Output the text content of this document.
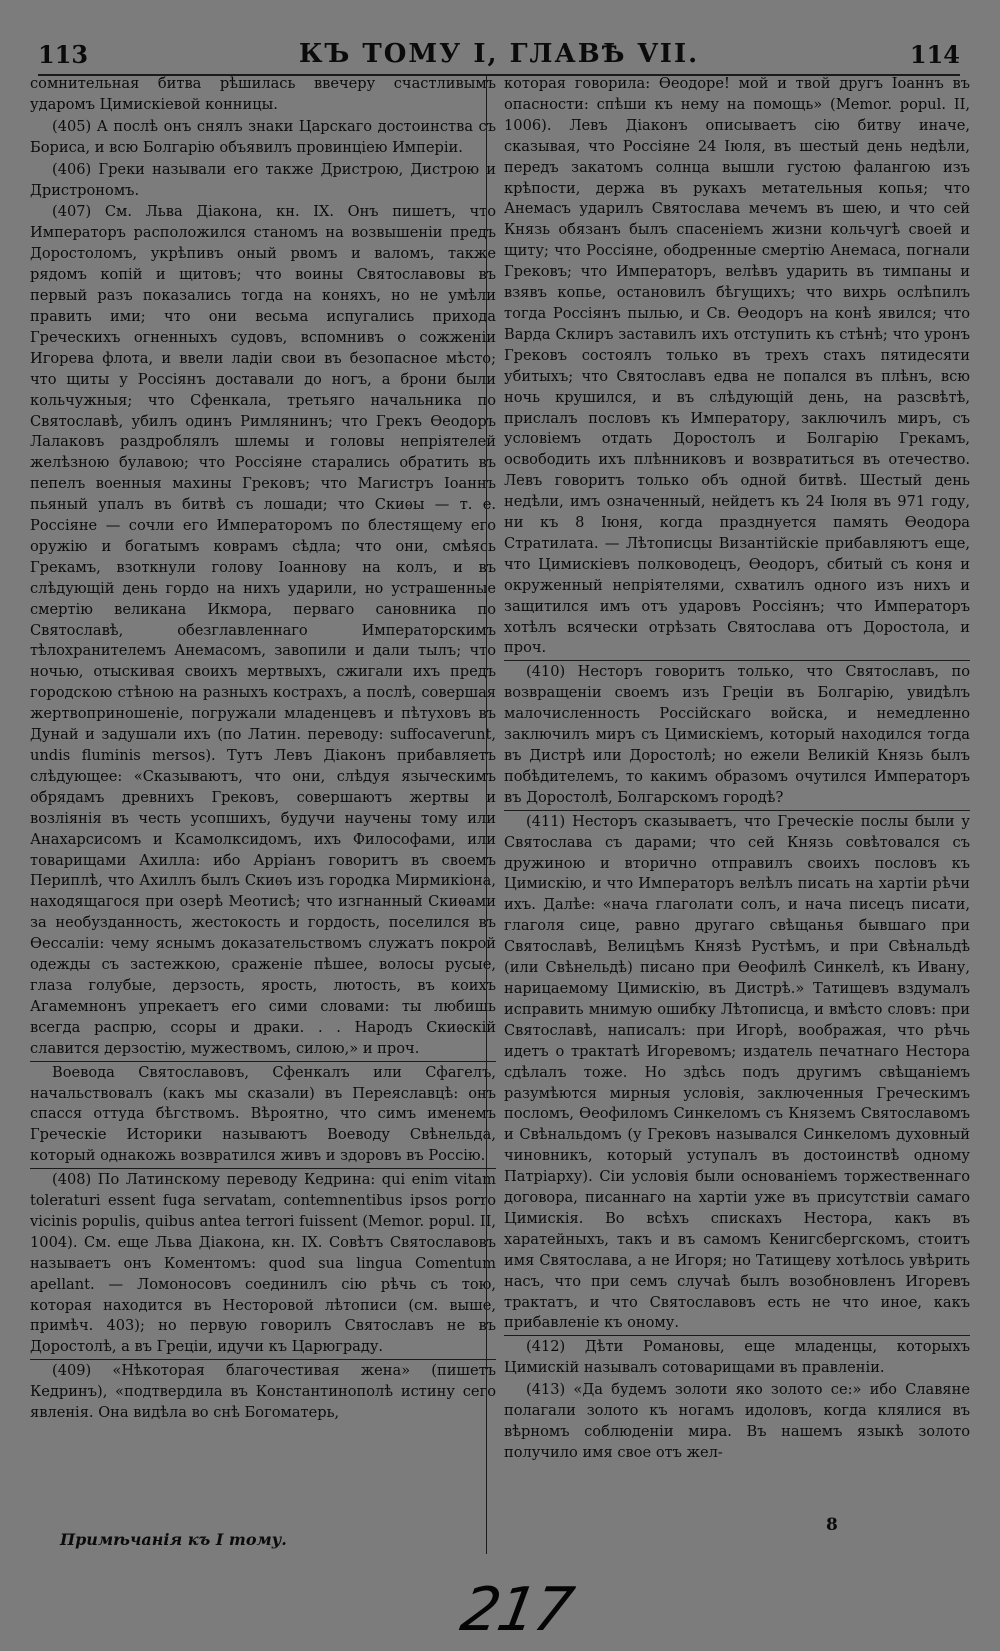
113	КЪ ТОМУ I, ГЛАВѢ VII.	114

сомнительная битва рѣшилась ввечеру счастливымъ ударомъ Цимискіевой конницы.

(405) А послѣ онъ снялъ знаки Царскаго достоинства съ Бориса, и всю Болгарію объявилъ провинціею Имперіи.

(406) Греки называли его также Дристрою, Дистрою и Дристрономъ.

(407) См. Льва Діакона, кн. IX. Онъ пишетъ, что Императоръ расположился станомъ на возвышеніи предъ Доростоломъ, укрѣпивъ оный рвомъ и валомъ, также рядомъ копій и щитовъ; что воины Святославовы въ первый разъ показались тогда на коняхъ, но не умѣли править ими; что они весьма испугались прихода Греческихъ огненныхъ судовъ, вспомнивъ о сожженіи Игорева флота, и ввели ладіи свои въ безопасное мѣсто; что щиты у Россіянъ доставали до ногъ, а брони были кольчужныя; что Сфенкала, третьяго начальника по Святославѣ, убилъ одинъ Римлянинъ; что Грекъ Ѳеодоръ Лалаковъ раздроблялъ шлемы и головы непріятелей желѣзною булавою; что Россіяне старались обратить въ пепелъ военныя махины Грековъ; что Магистръ Іоаннъ пьяный упалъ въ битвѣ съ лошади; что Скиѳы — т. е. Россіяне — сочли его Императоромъ по блестящему его оружію и богатымъ коврамъ сѣдла; что они, смѣясь Грекамъ, взоткнули голову Іоаннову на колъ, и въ слѣдующій день гордо на нихъ ударили, но устрашенные смертію великана Икмора, перваго сановника по Святославѣ, обезглавленнаго Императорскимъ тѣлохранителемъ Анемасомъ, завопили и дали тылъ; что ночью, отыскивая своихъ мертвыхъ, сжигали ихъ предъ городскою стѣною на разныхъ кострахъ, а послѣ, совершая жертвоприношеніе, погружали младенцевъ и пѣтуховъ въ Дунай и задушали ихъ (по Латин. переводу: suffocaverunt, undis fluminis mersos). Тутъ Левъ Діаконъ прибавляетъ слѣдующее: «Сказываютъ, что они, слѣдуя языческимъ обрядамъ древнихъ Грековъ, совершаютъ жертвы и возліянія въ честь усопшихъ, будучи научены тому или Анахарсисомъ и Ксамолксидомъ, ихъ Философами, или товарищами Ахилла: ибо Арріанъ говоритъ въ своемъ Периплѣ, что Ахиллъ былъ Скиѳъ изъ городка Мирмикіона, находящагося при озерѣ Меотисѣ; что изгнанный Скиѳами за необузданность, жестокость и гордость, поселился въ Ѳессаліи: чему яснымъ доказательствомъ служатъ покрой одежды съ застежкою, сраженіе пѣшее, волосы русые, глаза голубые, дерзость, ярость, лютость, въ коихъ Агамемнонъ упрекаетъ его сими словами: ты любишь всегда распрю, ссоры и драки. . . Народъ Скиѳскій славится дерзостію, мужествомъ, силою,» и проч.

Воевода Святославовъ, Сфенкалъ или Сфагелъ, начальствовалъ (какъ мы сказали) въ Переяславцѣ: онъ спасся оттуда бѣгствомъ. Вѣроятно, что симъ именемъ Греческіе Историки называютъ Воеводу Свѣнельда, который однакожь возвратился живъ и здоровъ въ Россію.

(408) По Латинскому переводу Кедрина: qui enim vitam toleraturi essent fuga servatam, contemnentibus ipsos porro vicinis populis, quibus antea terrori fuissent (Memor. popul. II, 1004). См. еще Льва Діакона, кн. IX. Совѣтъ Святославовъ называетъ онъ Коментомъ: quod sua lingua Comentum apellant. — Ломоносовъ соединилъ сію рѣчь съ тою, которая находится въ Несторовой лѣтописи (см. выше, примѣч. 403); но первую говорилъ Святославъ не въ Доростолѣ, а въ Греціи, идучи къ Царюграду.

(409) «Нѣкоторая благочестивая жена» (пишетъ Кедринъ), «подтвердила въ Константинополѣ истину сего явленія. Она видѣла во снѣ Богоматерь,

которая говорила: Ѳеодоре! мой и твой другъ Іоаннъ въ опасности: спѣши къ нему на помощь» (Memor. popul. II, 1006). Левъ Діаконъ описываетъ сію битву иначе, сказывая, что Россіяне 24 Іюля, въ шестый день недѣли, передъ закатомъ солнца вышли густою фалангою изъ крѣпости, держа въ рукахъ метательныя копья; что Анемасъ ударилъ Святослава мечемъ въ шею, и что сей Князь обязанъ былъ спасеніемъ жизни кольчугѣ своей и щиту; что Россіяне, ободренные смертію Анемаса, погнали Грековъ; что Императоръ, велѣвъ ударить въ тимпаны и взявъ копье, остановилъ бѣгущихъ; что вихрь ослѣпилъ тогда Россіянъ пылью, и Св. Ѳеодоръ на конѣ явился; что Варда Склиръ заставилъ ихъ отступить къ стѣнѣ; что уронъ Грековъ состоялъ только въ трехъ стахъ пятидесяти убитыхъ; что Святославъ едва не попался въ плѣнъ, всю ночь крушился, и въ слѣдующій день, на разсвѣтѣ, прислалъ пословъ къ Императору, заключилъ миръ, съ условіемъ отдать Доростолъ и Болгарію Грекамъ, освободить ихъ плѣнниковъ и возвратиться въ отечество. Левъ говоритъ только объ одной битвѣ. Шестый день недѣли, имъ означенный, нейдетъ къ 24 Іюля въ 971 году, ни къ 8 Іюня, когда празднуется память Ѳеодора Стратилата. — Лѣтописцы Византійскіе прибавляютъ еще, что Цимискіевъ полководецъ, Ѳеодоръ, сбитый съ коня и окруженный непріятелями, схватилъ одного изъ нихъ и защитился имъ отъ ударовъ Россіянъ; что Императоръ хотѣлъ всячески отрѣзать Святослава отъ Доростола, и проч.

(410) Несторъ говоритъ только, что Святославъ, по возвращеніи своемъ изъ Греціи въ Болгарію, увидѣлъ малочисленность Россійскаго войска, и немедленно заключилъ миръ съ Цимискіемъ, который находился тогда въ Дистрѣ или Доростолѣ; но ежели Великій Князь былъ побѣдителемъ, то какимъ образомъ очутился Императоръ въ Доростолѣ, Болгарскомъ городѣ?

(411) Несторъ сказываетъ, что Греческіе послы были у Святослава съ дарами; что сей Князь совѣтовался съ дружиною и вторично отправилъ своихъ пословъ къ Цимискію, и что Императоръ велѣлъ писать на хартіи рѣчи ихъ. Далѣе: «нача глаголати солъ, и нача писецъ писати, глаголя сице, равно другаго свѣщанья бывшаго при Святославѣ, Велицѣмъ Князѣ Рустѣмъ, и при Свѣнальдѣ (или Свѣнельдѣ) писано при Ѳеофилѣ Синкелѣ, къ Ивану, нарицаемому Цимискію, въ Дистрѣ.» Татищевъ вздумалъ исправить мнимую ошибку Лѣтописца, и вмѣсто словъ: при Святославѣ, написалъ: при Игорѣ, воображая, что рѣчь идетъ о трактатѣ Игоревомъ; издатель печатнаго Нестора сдѣлалъ тоже. Но здѣсь подъ другимъ свѣщаніемъ разумѣются мирныя условія, заключенныя Греческимъ посломъ, Ѳеофиломъ Синкеломъ съ Княземъ Святославомъ и Свѣнальдомъ (у Грековъ назывался Синкеломъ духовный чиновникъ, который уступалъ въ достоинствѣ одному Патріарху). Сіи условія были основаніемъ торжественнаго договора, писаннаго на хартіи уже въ присутствіи самаго Цимискія. Во всѣхъ спискахъ Нестора, какъ въ харатейныхъ, такъ и въ самомъ Кенигсбергскомъ, стоитъ имя Святослава, а не Игоря; но Татищеву хотѣлось увѣрить насъ, что при семъ случаѣ былъ возобновленъ Игоревъ трактатъ, и что Святославовъ есть не что иное, какъ прибавленіе къ оному.

(412) Дѣти Романовы, еще младенцы, которыхъ Цимискій называлъ сотоварищами въ правленіи.

(413) «Да будемъ золоти яко золото се:» ибо Славяне полагали золото къ ногамъ идоловъ, когда клялися въ вѣрномъ соблюденіи мира. Въ нашемъ языкѣ золото получило имя свое отъ жел-

Примѣчанія къ I тому.
8
217
